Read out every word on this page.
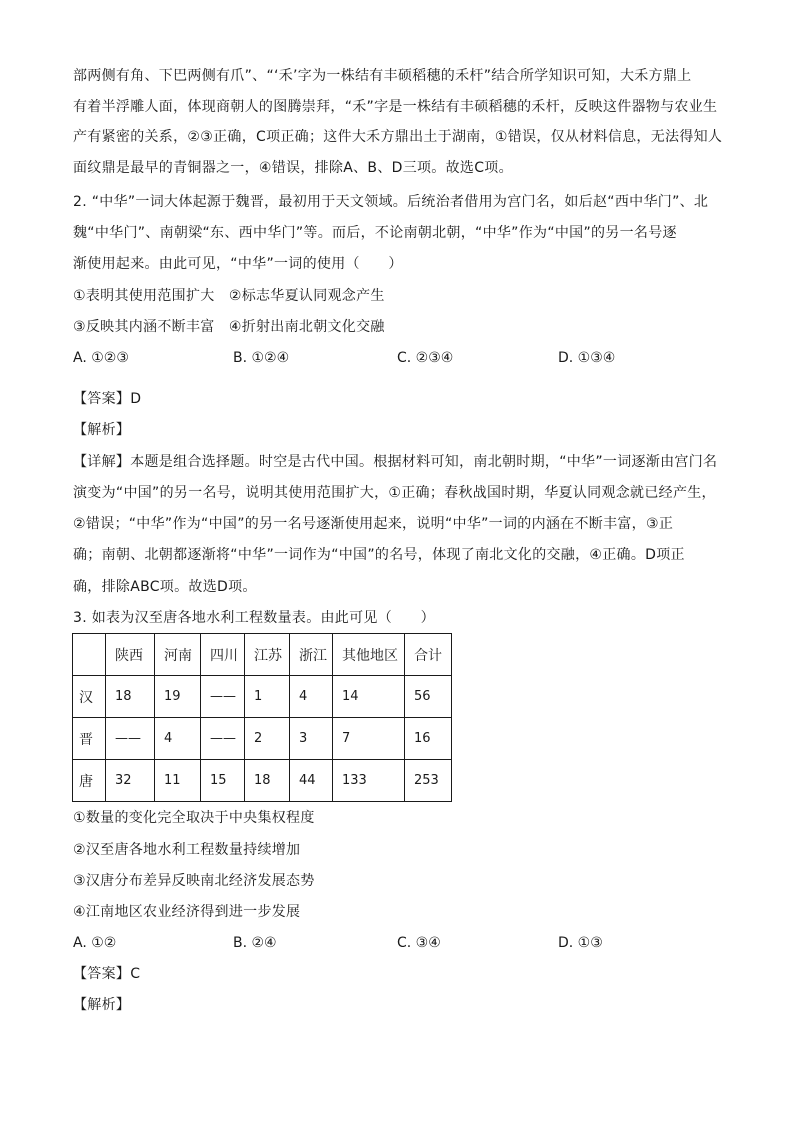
部两侧有角、下巴两侧有爪”、“‘禾’字为一株结有丰硕稻穗的禾杆”结合所学知识可知，大禾方鼎上
有着半浮雕人面，体现商朝人的图腾崇拜，“禾”字是一株结有丰硕稻穗的禾杆，反映这件器物与农业生
产有紧密的关系，②③正确，C项正确；这件大禾方鼎出土于湖南，①错误，仅从材料信息，无法得知人
面纹鼎是最早的青铜器之一，④错误，排除A、B、D三项。故选C项。
2. “中华”一词大体起源于魏晋，最初用于天文领域。后统治者借用为宫门名，如后赵“西中华门”、北
魏“中华门”、南朝梁“东、西中华门”等。而后，不论南朝北朝，“中华”作为“中国”的另一名号逐
渐使用起来。由此可见，“中华”一词的使用（　　）
①表明其使用范围扩大　②标志华夏认同观念产生
③反映其内涵不断丰富　④折射出南北朝文化交融
A. ①②③	B. ①②④	C. ②③④	D. ①③④
【答案】D
【解析】
【详解】本题是组合选择题。时空是古代中国。根据材料可知，南北朝时期，“中华”一词逐渐由宫门名
演变为“中国”的另一名号，说明其使用范围扩大，①正确；春秋战国时期，华夏认同观念就已经产生，
②错误；“中华”作为“中国”的另一名号逐渐使用起来，说明“中华”一词的内涵在不断丰富，③正
确；南朝、北朝都逐渐将“中华”一词作为“中国”的名号，体现了南北文化的交融，④正确。D项正
确，排除ABC项。故选D项。
3. 如表为汉至唐各地水利工程数量表。由此可见（　　）
	陕西	河南	四川	江苏	浙江	其他地区	合计
汉	18	19	——	1	4	14	56
晋	——	4	——	2	3	7	16
唐	32	11	15	18	44	133	253
①数量的变化完全取决于中央集权程度
②汉至唐各地水利工程数量持续增加
③汉唐分布差异反映南北经济发展态势
④江南地区农业经济得到进一步发展
A. ①②	B. ②④	C. ③④	D. ①③
【答案】C
【解析】
